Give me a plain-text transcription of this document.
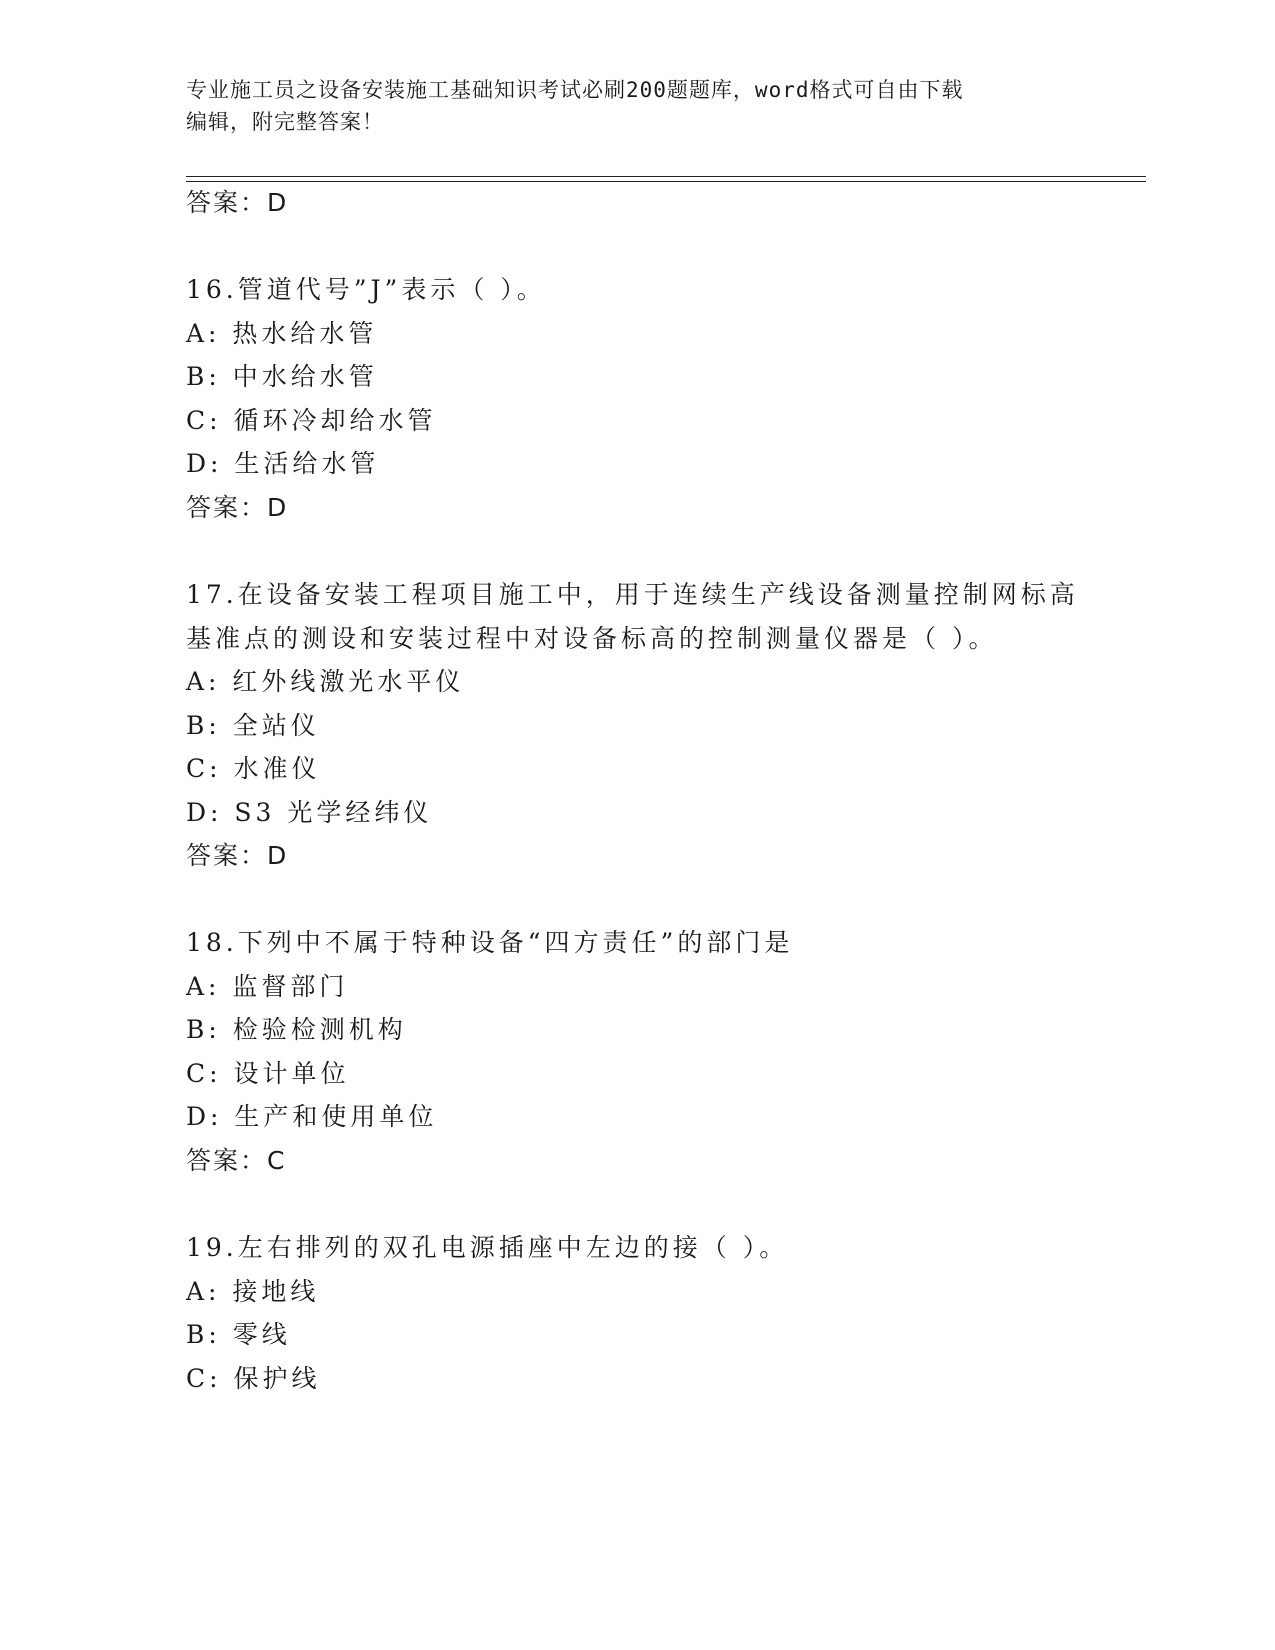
专业施工员之设备安装施工基础知识考试必刷200题题库，word格式可自由下载
编辑，附完整答案！
答案：D
16.管道代号”J”表示（ ）。
A: 热水给水管
B: 中水给水管
C: 循环冷却给水管
D: 生活给水管
答案：D
17.在设备安装工程项目施工中，用于连续生产线设备测量控制网标高
基准点的测设和安装过程中对设备标高的控制测量仪器是（ ）。
A: 红外线激光水平仪
B: 全站仪
C: 水准仪
D: S3 光学经纬仪
答案：D
18.下列中不属于特种设备“四方责任”的部门是
A: 监督部门
B: 检验检测机构
C: 设计单位
D: 生产和使用单位
答案：C
19.左右排列的双孔电源插座中左边的接（ ）。
A: 接地线
B: 零线
C: 保护线
